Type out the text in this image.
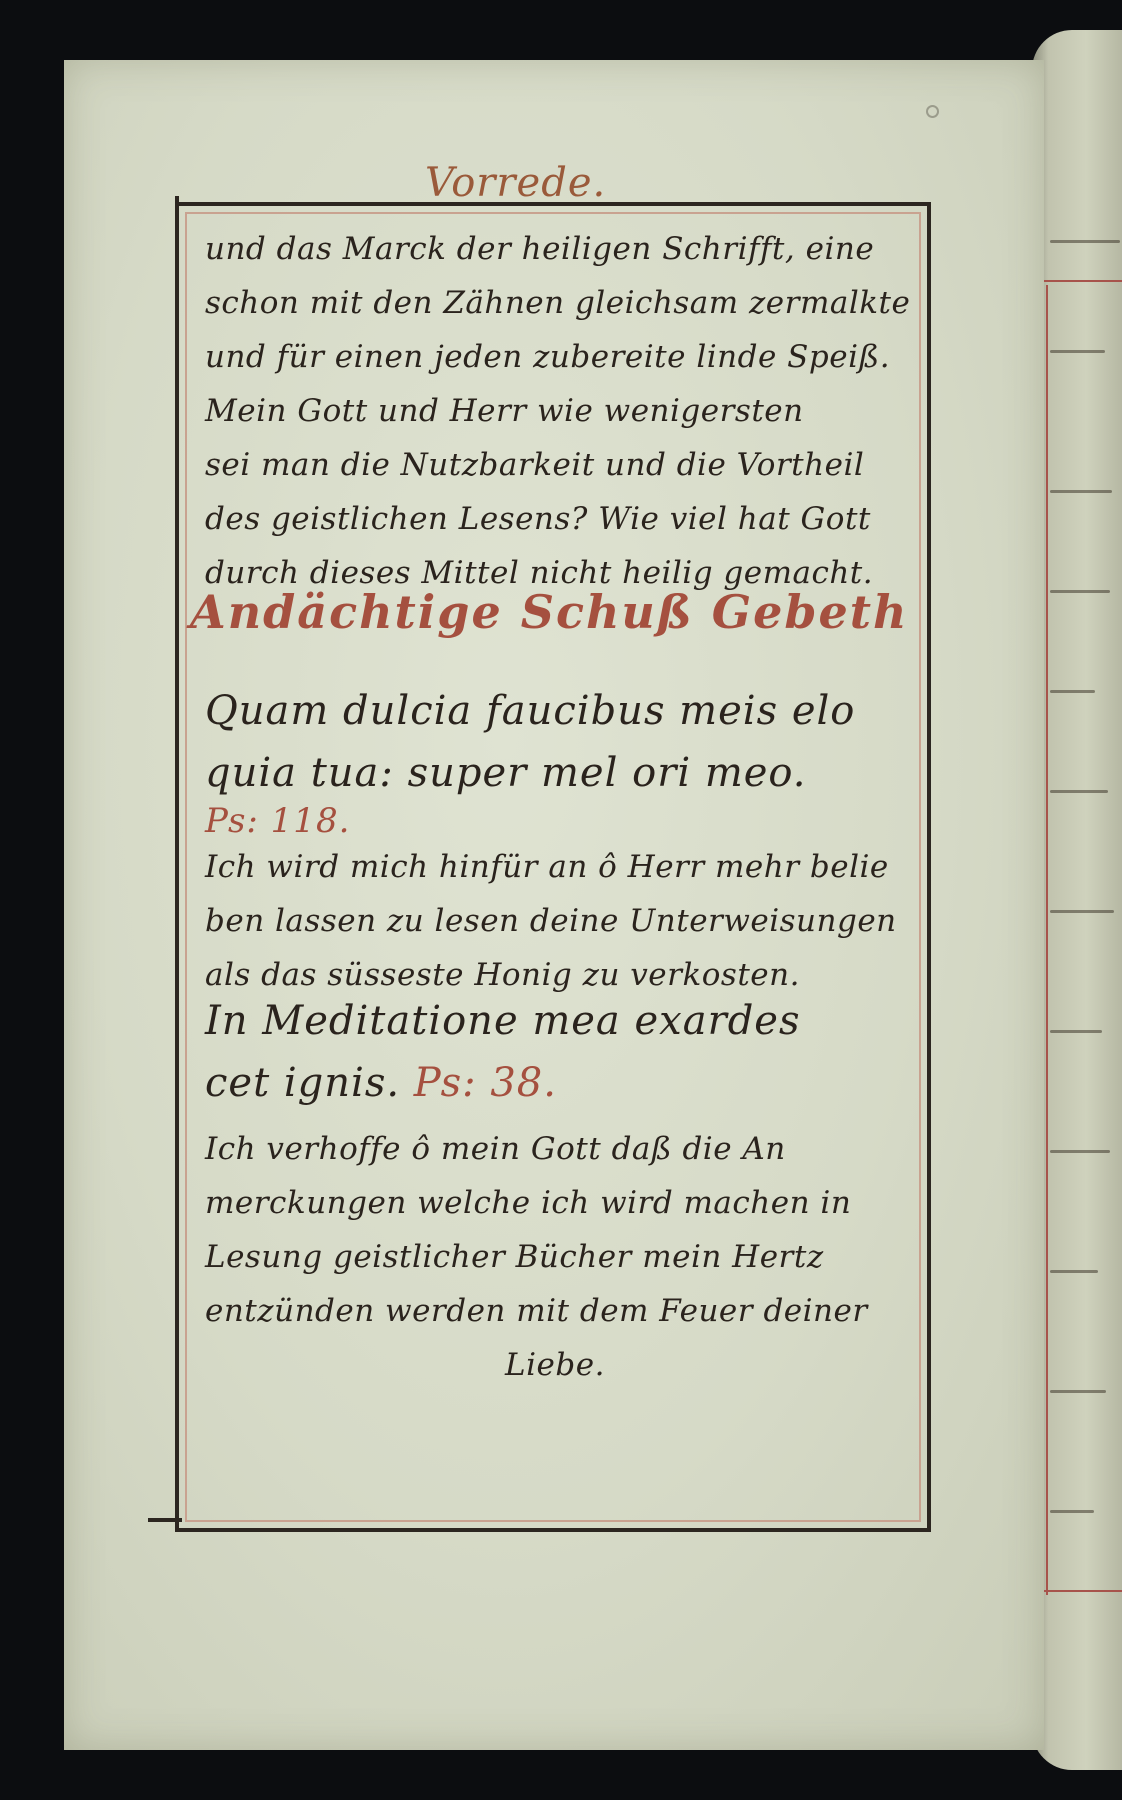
Vorrede.
und das Marck der heiligen Schrifft, eine
schon mit den Zähnen gleichsam zermalkte
und für einen jeden zubereite linde Speiß.
Mein Gott und Herr wie wenigersten
sei man die Nutzbarkeit und die Vortheil
des geistlichen Lesens? Wie viel hat Gott
durch dieses Mittel nicht heilig gemacht.
Andächtige Schuß Gebeth
Quam dulcia faucibus meis elo
quia tua: super mel ori meo.
Ps: 118.
Ich wird mich hinfür an ô Herr mehr belie
ben lassen zu lesen deine Unterweisungen
als das süsseste Honig zu verkosten.
In Meditatione mea exardes
cet ignis. Ps: 38.
Ich verhoffe ô mein Gott daß die An
merckungen welche ich wird machen in
Lesung geistlicher Bücher mein Hertz
entzünden werden mit dem Feuer deiner
Liebe.
